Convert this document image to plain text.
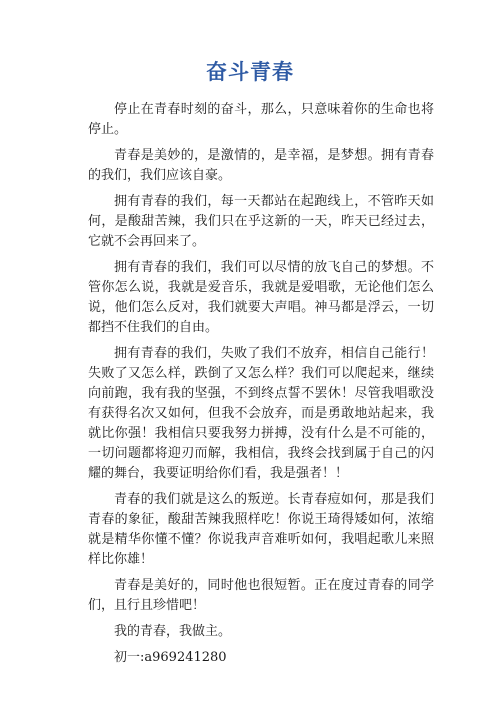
奋斗青春

停止在青春时刻的奋斗，那么，只意味着你的生命也将停止。

青春是美妙的，是激情的，是幸福，是梦想。拥有青春的我们，我们应该自豪。

拥有青春的我们，每一天都站在起跑线上，不管昨天如何，是酸甜苦辣，我们只在乎这新的一天，昨天已经过去，它就不会再回来了。

拥有青春的我们，我们可以尽情的放飞自己的梦想。不管你怎么说，我就是爱音乐，我就是爱唱歌，无论他们怎么说，他们怎么反对，我们就要大声唱。神马都是浮云，一切都挡不住我们的自由。

拥有青春的我们，失败了我们不放弃，相信自己能行！失败了又怎么样，跌倒了又怎么样？我们可以爬起来，继续向前跑，我有我的坚强，不到终点誓不罢休！尽管我唱歌没有获得名次又如何，但我不会放弃，而是勇敢地站起来，我就比你强！我相信只要我努力拼搏，没有什么是不可能的，一切问题都将迎刃而解，我相信，我终会找到属于自己的闪耀的舞台，我要证明给你们看，我是强者！！

青春的我们就是这么的叛逆。长青春痘如何，那是我们青春的象征，酸甜苦辣我照样吃！你说王琦得矮如何，浓缩就是精华你懂不懂？你说我声音难听如何，我唱起歌儿来照样比你雄！

青春是美好的，同时他也很短暂。正在度过青春的同学们，且行且珍惜吧！

我的青春，我做主。

初一:a969241280
